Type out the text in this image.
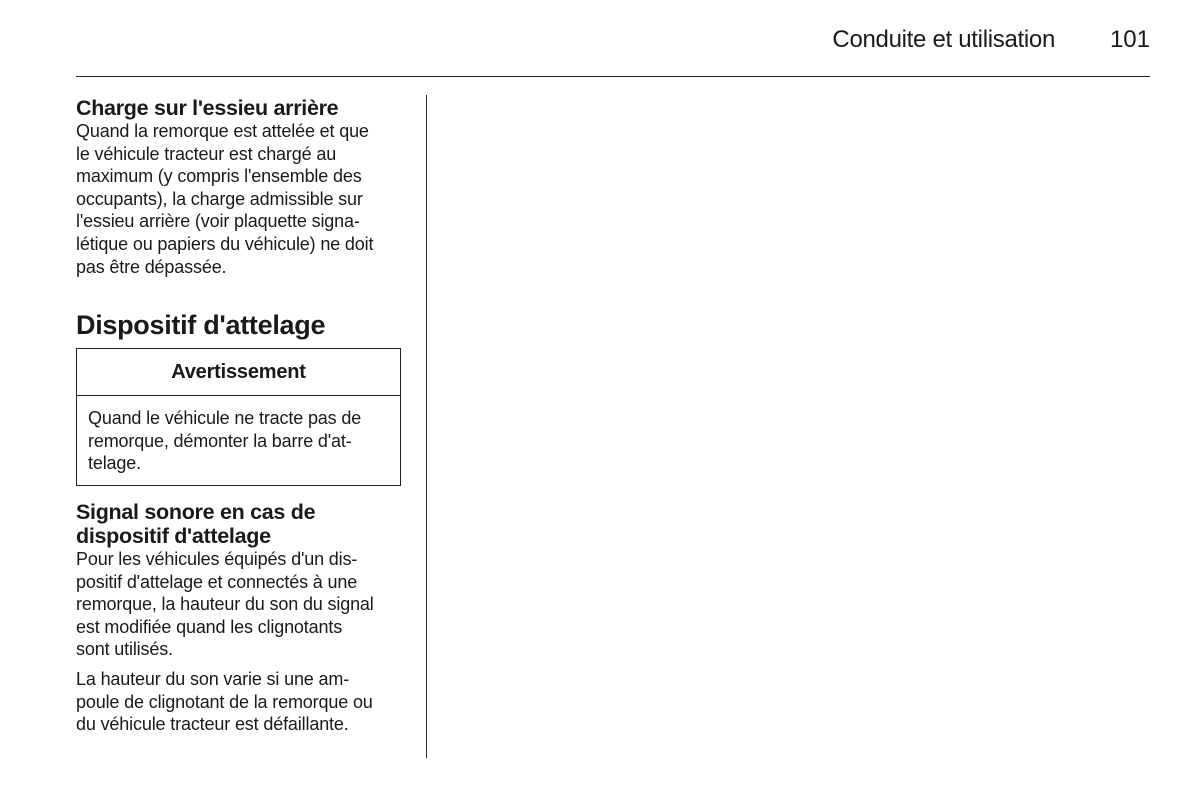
Conduite et utilisation 101
Charge sur l'essieu arrière

Quand la remorque est attelée et que
le véhicule tracteur est chargé au
maximum (y compris l'ensemble des
occupants), la charge admissible sur
l'essieu arrière (voir plaquette signa-
létique ou papiers du véhicule) ne doit
pas être dépassée.

Dispositif d'attelage
Avertissement

Quand le véhicule ne tracte pas de
remorque, démonter la barre d'at-
telage.

Signal sonore en cas de
dispositif d'attelage

Pour les véhicules équipés d'un dis-
positif d'attelage et connectés à une
remorque, la hauteur du son du signal
est modifiée quand les clignotants
sont utilisés.

La hauteur du son varie si une am-
poule de clignotant de la remorque ou
du véhicule tracteur est défaillante.
